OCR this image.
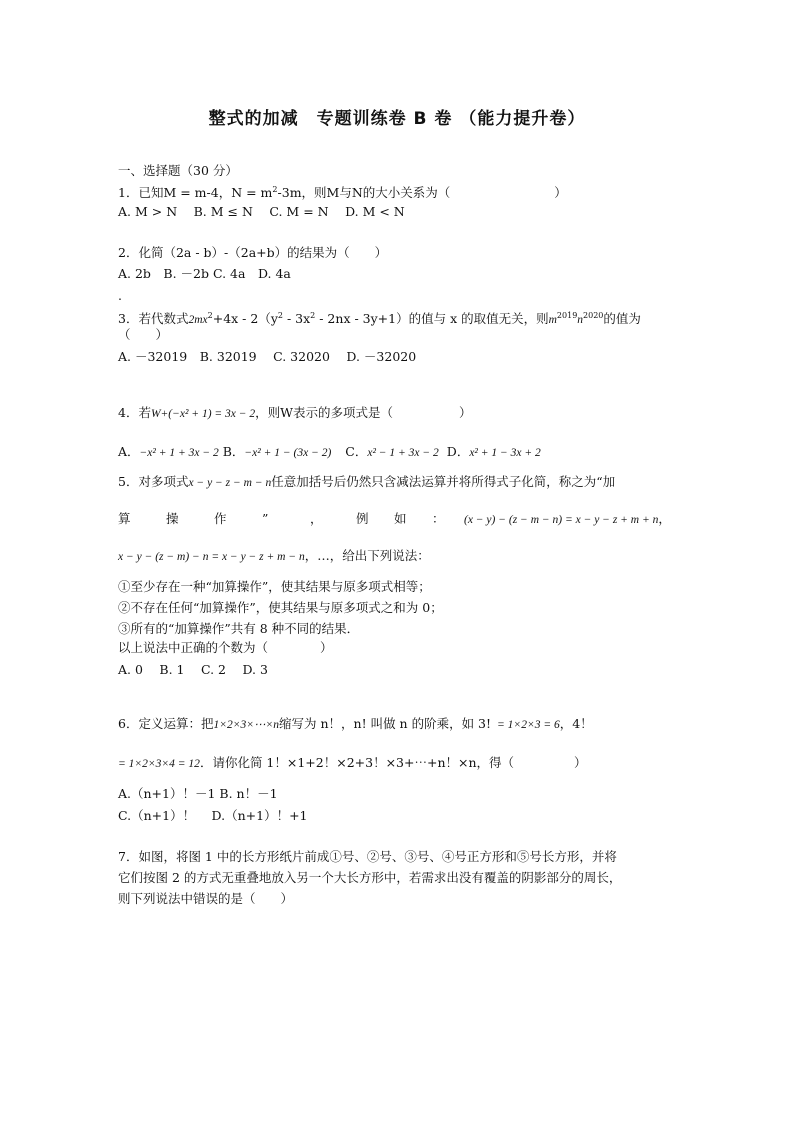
整式的加减　专题训练卷 B 卷 （能力提升卷）
一、选择题（30 分）
1．已知M = m-4，$N = m^2-3m$，则M与N的大小关系为（	）
A. M > N　 B. M ≤ N　 C. M = N　 D. M < N
2．化简（2a - b）-（2a+b）的结果为（　　）
A. 2b　B. －2b C. 4a　D. 4a
.
3．若代数式$2mx^2+4x - 2(y^2 - 3x^2 - 2nx - 3y+1)$的值与 x 的取值无关，则$m^{2019}n^{2020}$的值为
（　　）
A. －32019　B. 32019　 C. 32020　 D. －32020
4．若W+(−x² + 1) = 3x − 2，则W表示的多项式是（	）
A．−x² + 1 + 3x − 2 B．−x² + 1 − (3x − 2) C．x² − 1 + 3x − 2 D．x² + 1 − 3x + 2
5．对多项式x − y − z − m − n任意加括号后仍然只含减法运算并将所得式子化简，称之为“加
算	操	作	”	，	例 如 ： (x − y) − (z − m − n) = x − y − z + m + n，
x − y − (z − m) − n = x − y − z + m − n，…，给出下列说法：
①至少存在一种“加算操作”，使其结果与原多项式相等；
②不存在任何“加算操作”，使其结果与原多项式之和为 0；
③所有的“加算操作”共有 8 种不同的结果．
以上说法中正确的个数为（	）
A. 0　 B. 1　 C. 2　 D. 3
6．定义运算：把1×2×3×⋯×n缩写为 n！，n! 叫做 n 的阶乘，如 3! = 1×2×3 = 6，4！
= 1×2×3×4 = 12．请你化简 1！×1+2！×2+3！×3+⋯+n！×n，得（	）
A.（n+1）！－1 B. n！－1
C.（n+1）！　 D.（n+1）！+1
7．如图，将图 1 中的长方形纸片前成①号、②号、③号、④号正方形和⑤号长方形，并将
它们按图 2 的方式无重叠地放入另一个大长方形中，若需求出没有覆盖的阴影部分的周长，
则下列说法中错误的是（　　）
